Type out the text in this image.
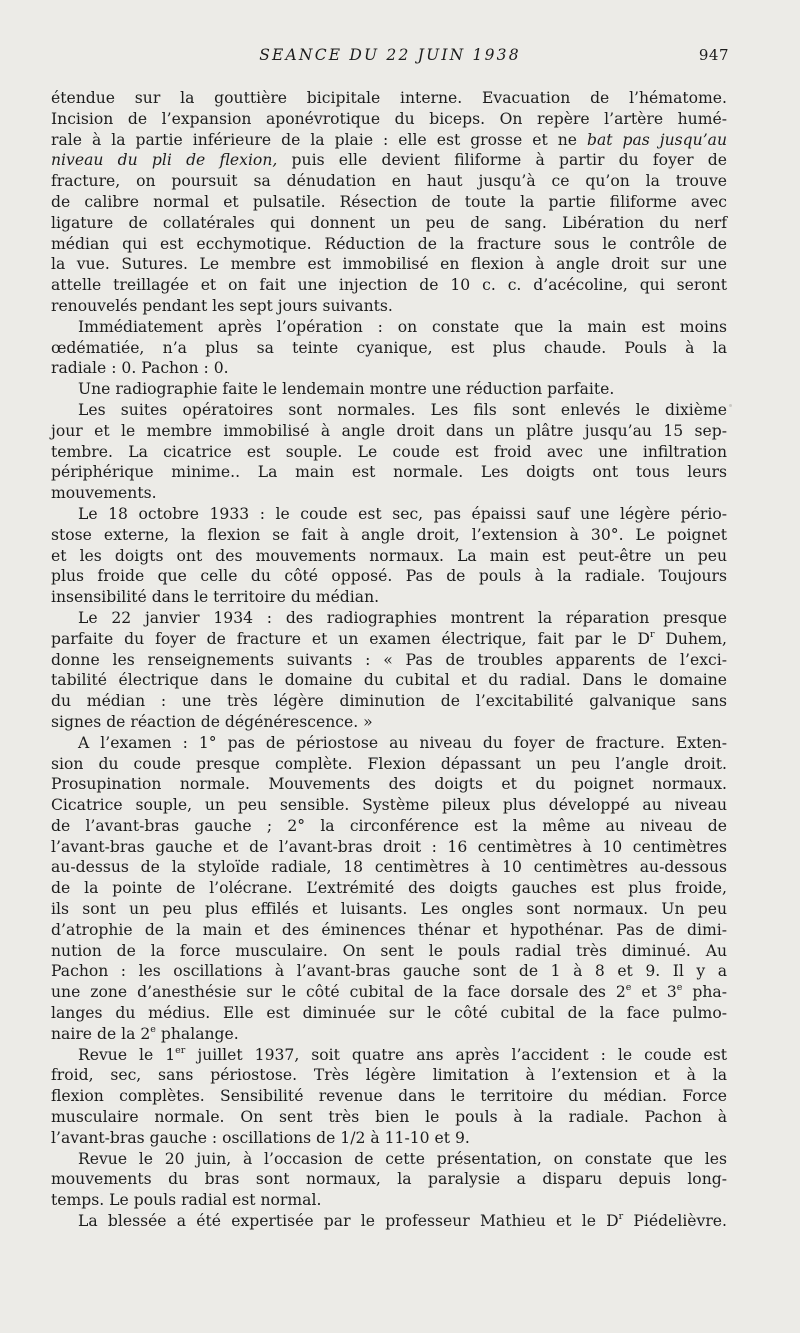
SEANCE DU 22 JUIN 1938	947
étendue sur la gouttière bicipitale interne. Evacuation de l’hématome.
Incision de l’expansion aponévrotique du biceps. On repère l’artère humé-
rale à la partie inférieure de la plaie : elle est grosse et ne bat pas jusqu’au
niveau du pli de flexion, puis elle devient filiforme à partir du foyer de
fracture, on poursuit sa dénudation en haut jusqu’à ce qu’on la trouve
de calibre normal et pulsatile. Résection de toute la partie filiforme avec
ligature de collatérales qui donnent un peu de sang. Libération du nerf
médian qui est ecchymotique. Réduction de la fracture sous le contrôle de
la vue. Sutures. Le membre est immobilisé en flexion à angle droit sur une
attelle treillagée et on fait une injection de 10 c. c. d’acécoline, qui seront
renouvelés pendant les sept jours suivants.
Immédiatement après l’opération : on constate que la main est moins
œdématiée, n’a plus sa teinte cyanique, est plus chaude. Pouls à la
radiale : 0. Pachon : 0.
Une radiographie faite le lendemain montre une réduction parfaite.
Les suites opératoires sont normales. Les fils sont enlevés le dixième
jour et le membre immobilisé à angle droit dans un plâtre jusqu’au 15 sep-
tembre. La cicatrice est souple. Le coude est froid avec une infiltration
périphérique minime.. La main est normale. Les doigts ont tous leurs
mouvements.
Le 18 octobre 1933 : le coude est sec, pas épaissi sauf une légère pério-
stose externe, la flexion se fait à angle droit, l’extension à 30°. Le poignet
et les doigts ont des mouvements normaux. La main est peut-être un peu
plus froide que celle du côté opposé. Pas de pouls à la radiale. Toujours
insensibilité dans le territoire du médian.
Le 22 janvier 1934 : des radiographies montrent la réparation presque
parfaite du foyer de fracture et un examen électrique, fait par le $D^r$ Duhem,
donne les renseignements suivants : « Pas de troubles apparents de l’exci-
tabilité électrique dans le domaine du cubital et du radial. Dans le domaine
du médian : une très légère diminution de l’excitabilité galvanique sans
signes de réaction de dégénérescence. »
A l’examen : 1° pas de périostose au niveau du foyer de fracture. Exten-
sion du coude presque complète. Flexion dépassant un peu l’angle droit.
Prosupination normale. Mouvements des doigts et du poignet normaux.
Cicatrice souple, un peu sensible. Système pileux plus développé au niveau
de l’avant-bras gauche ; 2° la circonférence est la même au niveau de
l’avant-bras gauche et de l’avant-bras droit : 16 centimètres à 10 centimètres
au-dessus de la styloïde radiale, 18 centimètres à 10 centimètres au-dessous
de la pointe de l’olécrane. L’extrémité des doigts gauches est plus froide,
ils sont un peu plus effilés et luisants. Les ongles sont normaux. Un peu
d’atrophie de la main et des éminences thénar et hypothénar. Pas de dimi-
nution de la force musculaire. On sent le pouls radial très diminué. Au
Pachon : les oscillations à l’avant-bras gauche sont de 1 à 8 et 9. Il y a
une zone d’anesthésie sur le côté cubital de la face dorsale des 2e et 3e pha-
langes du médius. Elle est diminuée sur le côté cubital de la face pulmo-
naire de la 2e phalange.
Revue le 1er juillet 1937, soit quatre ans après l’accident : le coude est
froid, sec, sans périostose. Très légère limitation à l’extension et à la
flexion complètes. Sensibilité revenue dans le territoire du médian. Force
musculaire normale. On sent très bien le pouls à la radiale. Pachon à
l’avant-bras gauche : oscillations de 1/2 à 11-10 et 9.
Revue le 20 juin, à l’occasion de cette présentation, on constate que les
mouvements du bras sont normaux, la paralysie a disparu depuis long-
temps. Le pouls radial est normal.
La blessée a été expertisée par le professeur Mathieu et le $D^r$ Piédelièvre.
